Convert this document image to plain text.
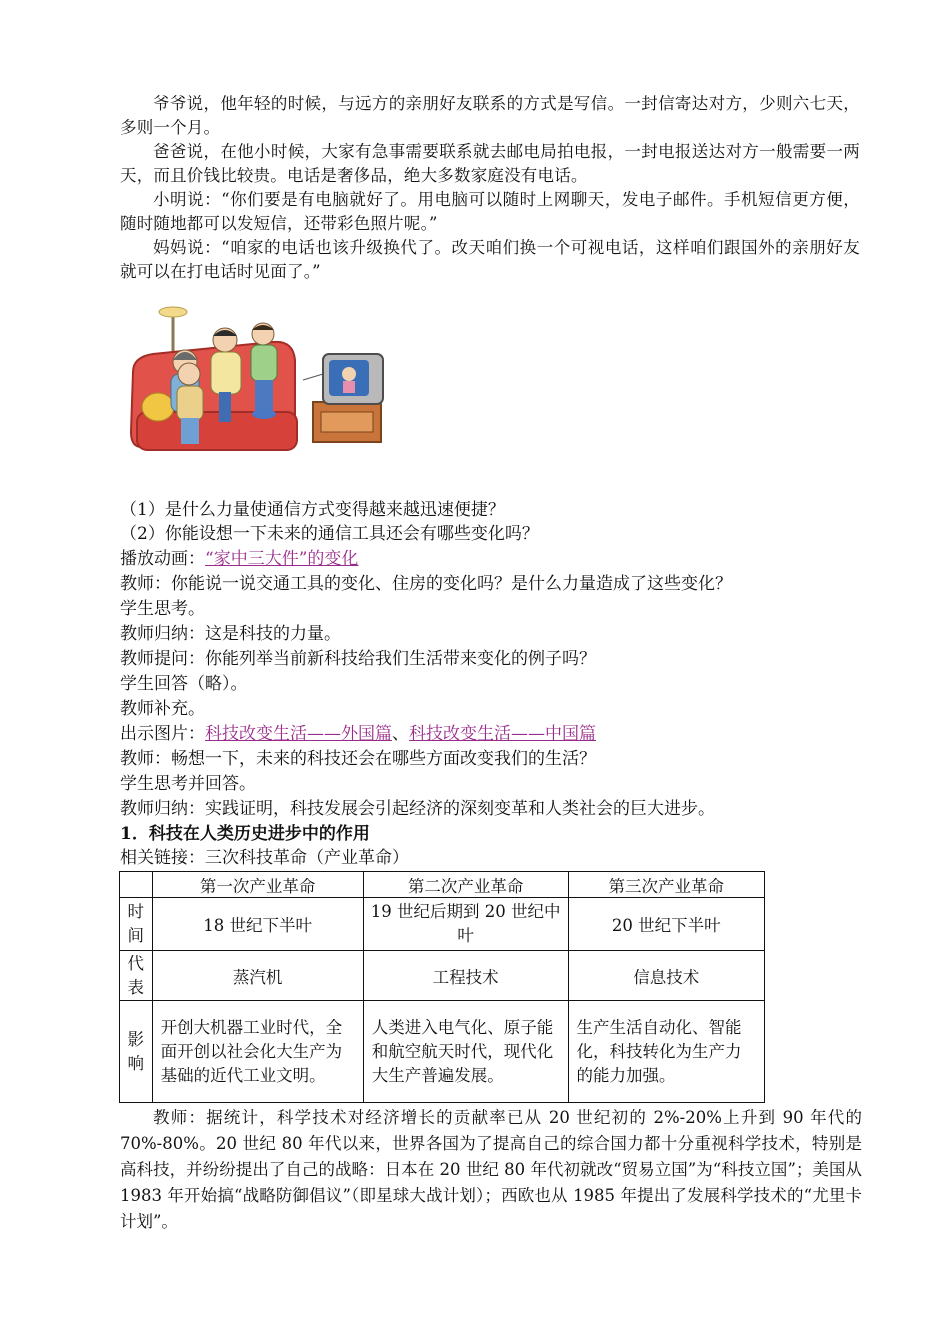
爷爷说，他年轻的时候，与远方的亲朋好友联系的方式是写信。一封信寄达对方，少则六七天，多则一个月。

爸爸说，在他小时候，大家有急事需要联系就去邮电局拍电报，一封电报送达对方一般需要一两天，而且价钱比较贵。电话是奢侈品，绝大多数家庭没有电话。

小明说：“你们要是有电脑就好了。用电脑可以随时上网聊天，发电子邮件。手机短信更方便，随时随地都可以发短信，还带彩色照片呢。”

妈妈说：“咱家的电话也该升级换代了。改天咱们换一个可视电话，这样咱们跟国外的亲朋好友就可以在打电话时见面了。”

（1）是什么力量使通信方式变得越来越迅速便捷？
（2）你能设想一下未来的通信工具还会有哪些变化吗？
播放动画：“家中三大件”的变化
教师：你能说一说交通工具的变化、住房的变化吗？是什么力量造成了这些变化？
学生思考。
教师归纳：这是科技的力量。
教师提问：你能列举当前新科技给我们生活带来变化的例子吗？
学生回答（略）。
教师补充。
出示图片：科技改变生活——外国篇、科技改变生活——中国篇
教师：畅想一下，未来的科技还会在哪些方面改变我们的生活？
学生思考并回答。
教师归纳：实践证明，科技发展会引起经济的深刻变革和人类社会的巨大进步。
1．科技在人类历史进步中的作用
相关链接：三次科技革命（产业革命）
	第一次产业革命	第二次产业革命	第三次产业革命
时
间	18 世纪下半叶	19 世纪后期到 20 世纪中叶	20 世纪下半叶
代
表	蒸汽机	工程技术	信息技术
影
响	开创大机器工业时代，全面开创以社会化大生产为基础的近代工业文明。	人类进入电气化、原子能和航空航天时代，现代化大生产普遍发展。	生产生活自动化、智能化，科技转化为生产力的能力加强。

教师：据统计，科学技术对经济增长的贡献率已从 20 世纪初的 2%-20%上升到 90 年代的 70%-80%。20 世纪 80 年代以来，世界各国为了提高自己的综合国力都十分重视科学技术，特别是高科技，并纷纷提出了自己的战略：日本在 20 世纪 80 年代初就改“贸易立国”为“科技立国”；美国从 1983 年开始搞“战略防御倡议”（即星球大战计划）；西欧也从 1985 年提出了发展科学技术的“尤里卡计划”。
